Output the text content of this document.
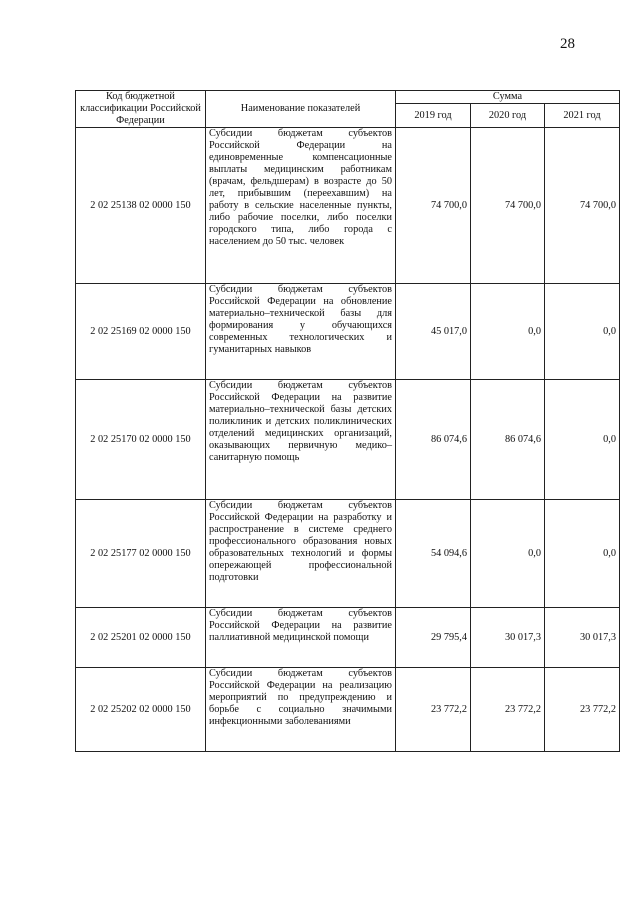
28
Код бюджетной классификации Российской Федерации	Наименование показателей	Сумма		
		2019 год	2020 год	2021 год
2 02 25138 02 0000 150	Субсидии бюджетам субъектов Российской Федерации на единовременные компенсационные выплаты медицинским работникам (врачам, фельдшерам) в возрасте до 50 лет, прибывшим (переехавшим) на работу в сельские населенные пункты, либо рабочие поселки, либо поселки городского типа, либо города с населением до 50 тыс. человек	74 700,0	74 700,0	74 700,0
2 02 25169 02 0000 150	Субсидии бюджетам субъектов Российской Федерации на обновление материально–технической базы для формирования у обучающихся современных технологических и гуманитарных навыков	45 017,0	0,0	0,0
2 02 25170 02 0000 150	Субсидии бюджетам субъектов Российской Федерации на развитие материально–технической базы детских поликлиник и детских поликлинических отделений медицинских организаций, оказывающих первичную медико–санитарную помощь	86 074,6	86 074,6	0,0
2 02 25177 02 0000 150	Субсидии бюджетам субъектов Российской Федерации на разработку и распространение в системе среднего профессионального образования новых образовательных технологий и формы опережающей профессиональной подготовки	54 094,6	0,0	0,0
2 02 25201 02 0000 150	Субсидии бюджетам субъектов Российской Федерации на развитие паллиативной медицинской помощи	29 795,4	30 017,3	30 017,3
2 02 25202 02 0000 150	Субсидии бюджетам субъектов Российской Федерации на реализацию мероприятий по предупреждению и борьбе с социально значимыми инфекционными заболеваниями	23 772,2	23 772,2	23 772,2
